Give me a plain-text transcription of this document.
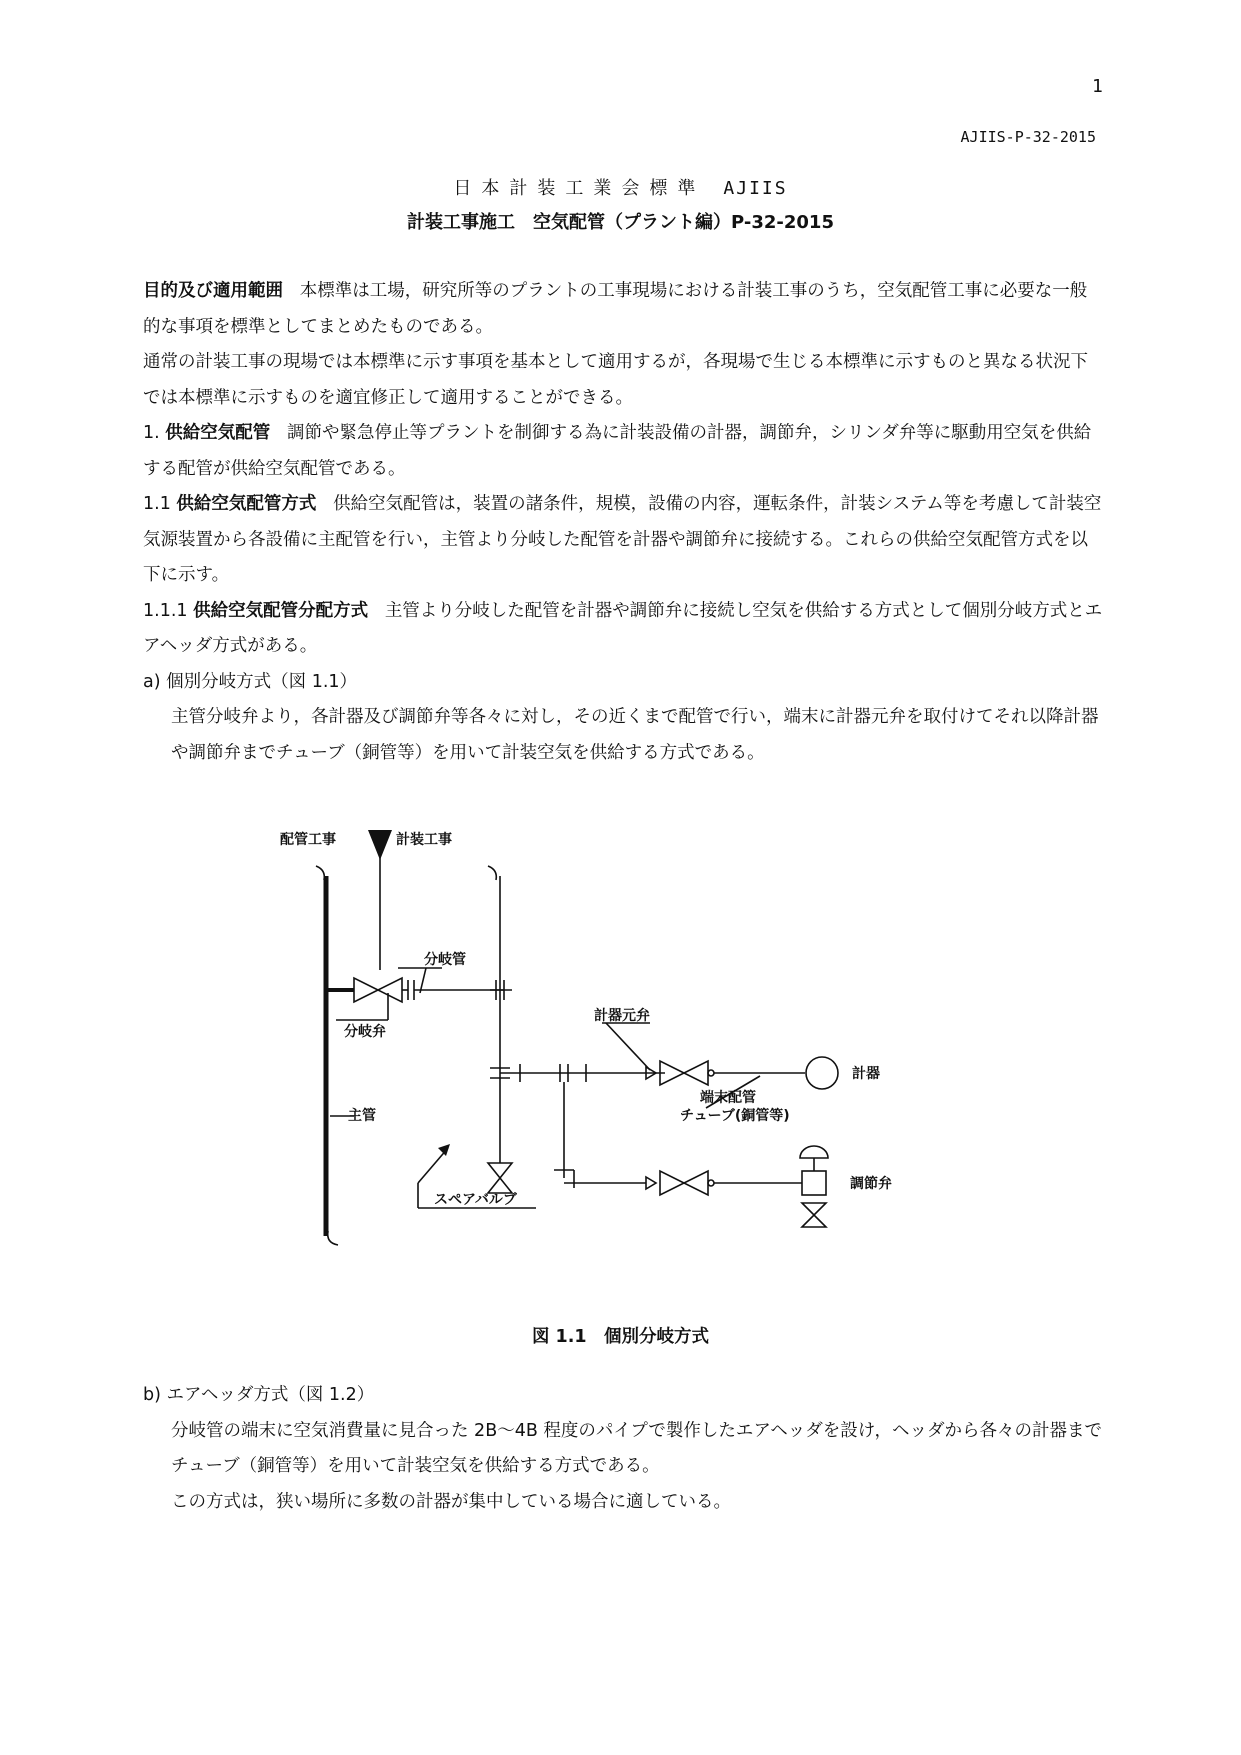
1
AJIIS-P-32-2015
日本計装工業会標準 AJIIS
計装工事施工　空気配管（プラント編）P-32-2015

目的及び適用範囲 本標準は工場，研究所等のプラントの工事現場における計装工事のうち，空気配管工事に必要な一般的な事項を標準としてまとめたものである。

通常の計装工事の現場では本標準に示す事項を基本として適用するが，各現場で生じる本標準に示すものと異なる状況下では本標準に示すものを適宜修正して適用することができる。

1. 供給空気配管 調節や緊急停止等プラントを制御する為に計装設備の計器，調節弁，シリンダ弁等に駆動用空気を供給する配管が供給空気配管である。

1.1 供給空気配管方式 供給空気配管は，装置の諸条件，規模，設備の内容，運転条件，計装システム等を考慮して計装空気源装置から各設備に主配管を行い，主管より分岐した配管を計器や調節弁に接続する。これらの供給空気配管方式を以下に示す。

1.1.1 供給空気配管分配方式 主管より分岐した配管を計器や調節弁に接続し空気を供給する方式として個別分岐方式とエアヘッダ方式がある。

a) 個別分岐方式（図 1.1）

主管分岐弁より，各計器及び調節弁等各々に対し，その近くまで配管で行い，端末に計器元弁を取付けてそれ以降計器や調節弁までチューブ（銅管等）を用いて計装空気を供給する方式である。

配管工事	計装工事
分岐管
分岐弁
主管
計器元弁
計器
端末配管
チューブ(銅管等)
調節弁
スペアバルブ
図 1.1　個別分岐方式

b) エアヘッダ方式（図 1.2）

分岐管の端末に空気消費量に見合った 2B～4B 程度のパイプで製作したエアヘッダを設け，ヘッダから各々の計器までチューブ（銅管等）を用いて計装空気を供給する方式である。

この方式は，狭い場所に多数の計器が集中している場合に適している。
